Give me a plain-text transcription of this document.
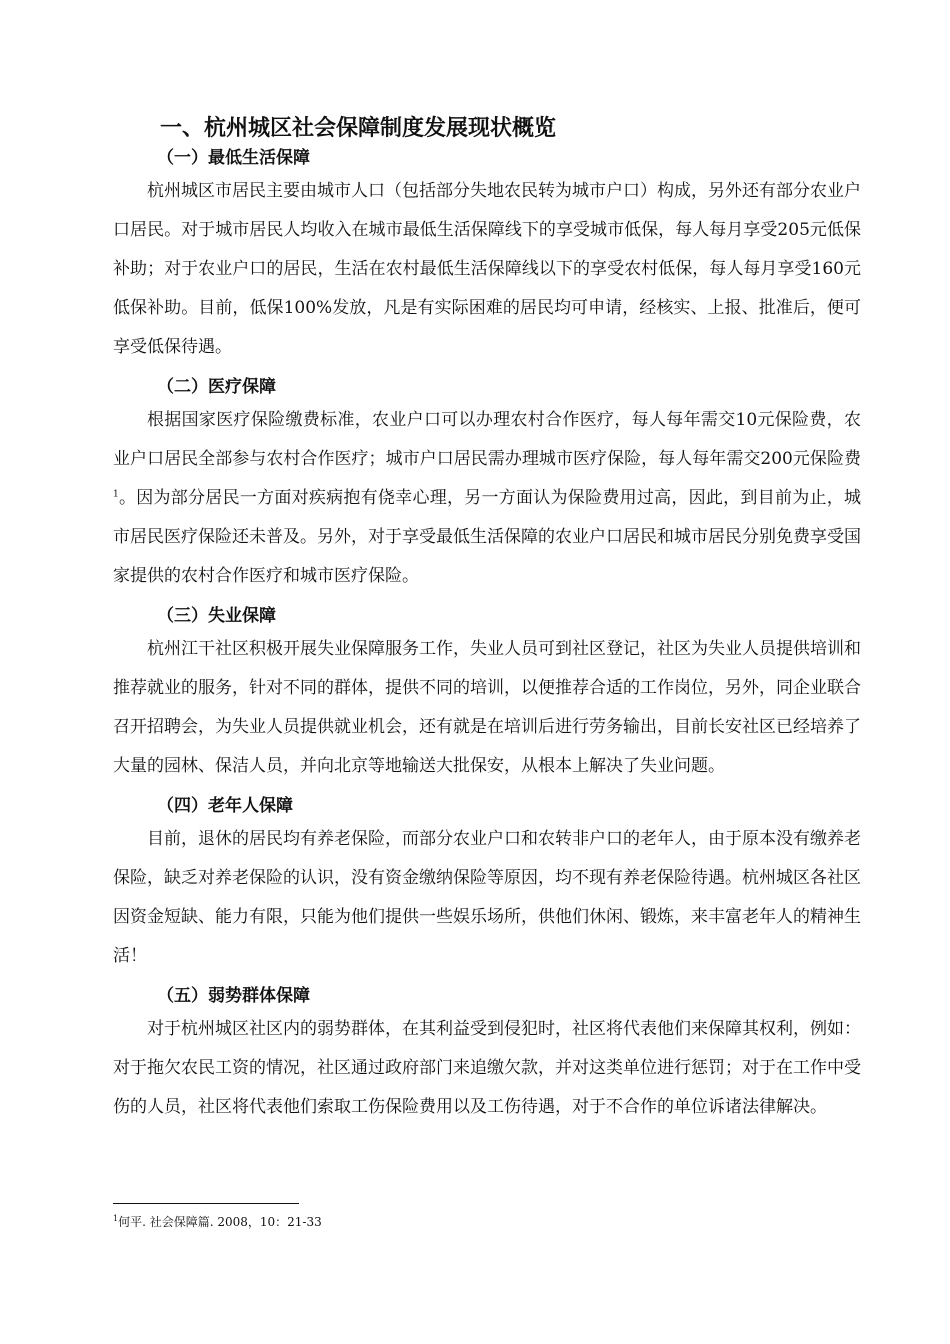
一、杭州城区社会保障制度发展现状概览
（一）最低生活保障

杭州城区市居民主要由城市人口（包括部分失地农民转为城市户口）构成，另外还有部分农业户口居民。对于城市居民人均收入在城市最低生活保障线下的享受城市低保，每人每月享受205元低保补助；对于农业户口的居民，生活在农村最低生活保障线以下的享受农村低保，每人每月享受160元低保补助。目前，低保100%发放，凡是有实际困难的居民均可申请，经核实、上报、批准后，便可享受低保待遇。

（二）医疗保障

根据国家医疗保险缴费标准，农业户口可以办理农村合作医疗，每人每年需交10元保险费，农业户口居民全部参与农村合作医疗；城市户口居民需办理城市医疗保险，每人每年需交200元保险费$^1$。因为部分居民一方面对疾病抱有侥幸心理，另一方面认为保险费用过高，因此，到目前为止，城市居民医疗保险还未普及。另外，对于享受最低生活保障的农业户口居民和城市居民分别免费享受国家提供的农村合作医疗和城市医疗保险。

（三）失业保障

杭州江干社区积极开展失业保障服务工作，失业人员可到社区登记，社区为失业人员提供培训和推荐就业的服务，针对不同的群体，提供不同的培训，以便推荐合适的工作岗位，另外，同企业联合召开招聘会，为失业人员提供就业机会，还有就是在培训后进行劳务输出，目前长安社区已经培养了大量的园林、保洁人员，并向北京等地输送大批保安，从根本上解决了失业问题。

（四）老年人保障

目前，退休的居民均有养老保险，而部分农业户口和农转非户口的老年人，由于原本没有缴养老保险，缺乏对养老保险的认识，没有资金缴纳保险等原因，均不现有养老保险待遇。杭州城区各社区因资金短缺、能力有限，只能为他们提供一些娱乐场所，供他们休闲、锻炼，来丰富老年人的精神生活！

（五）弱势群体保障

对于杭州城区社区内的弱势群体，在其利益受到侵犯时，社区将代表他们来保障其权利，例如：对于拖欠农民工资的情况，社区通过政府部门来追缴欠款，并对这类单位进行惩罚；对于在工作中受伤的人员，社区将代表他们索取工伤保险费用以及工伤待遇，对于不合作的单位诉诸法律解决。

$^1$何平. 社会保障篇. 2008，10：21-33
